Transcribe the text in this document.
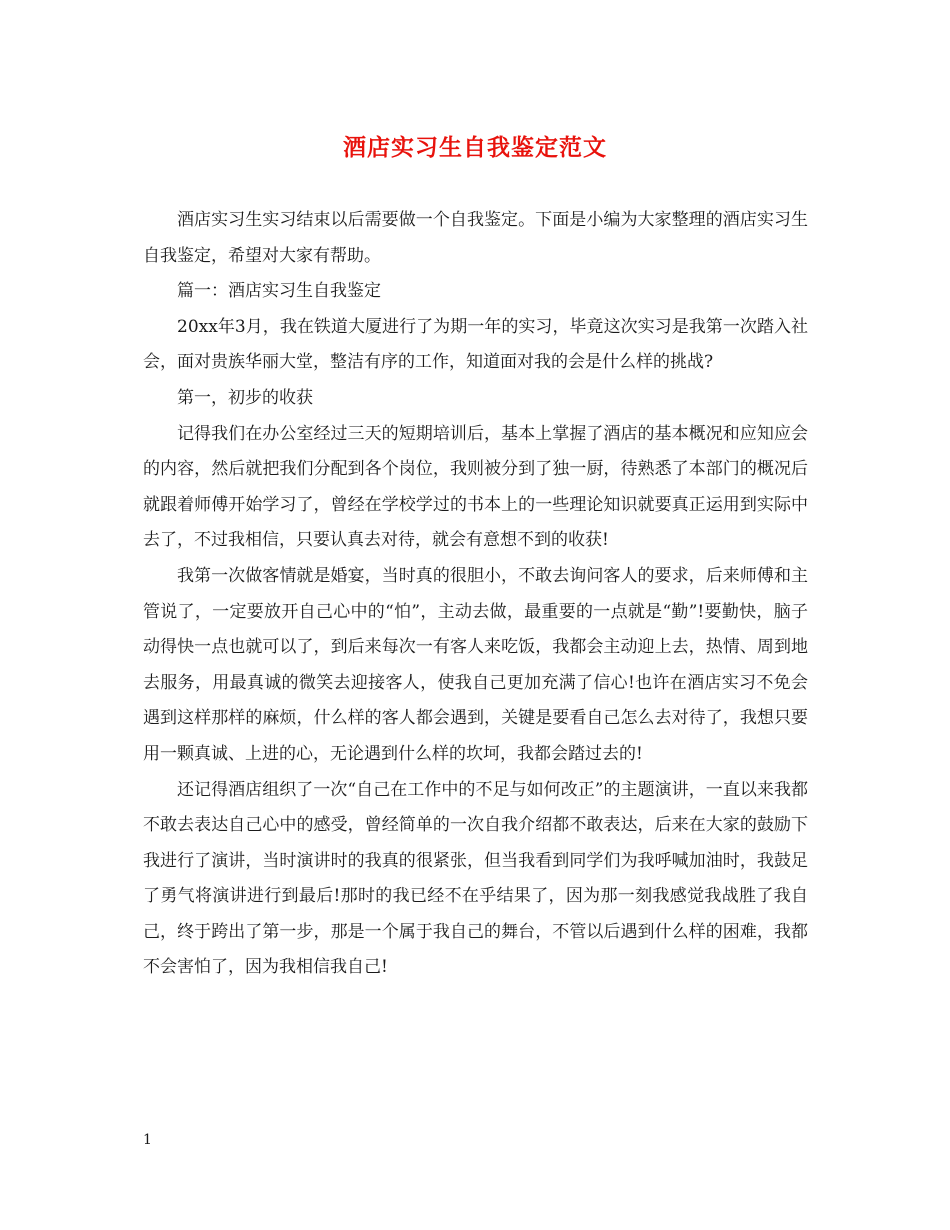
酒店实习生自我鉴定范文

酒店实习生实习结束以后需要做一个自我鉴定。下面是小编为大家整理的酒店实习生自我鉴定，希望对大家有帮助。

篇一：酒店实习生自我鉴定

20xx年3月，我在铁道大厦进行了为期一年的实习，毕竟这次实习是我第一次踏入社会，面对贵族华丽大堂，整洁有序的工作，知道面对我的会是什么样的挑战?

第一，初步的收获

记得我们在办公室经过三天的短期培训后，基本上掌握了酒店的基本概况和应知应会的内容，然后就把我们分配到各个岗位，我则被分到了独一厨，待熟悉了本部门的概况后就跟着师傅开始学习了，曾经在学校学过的书本上的一些理论知识就要真正运用到实际中去了，不过我相信，只要认真去对待，就会有意想不到的收获!

我第一次做客情就是婚宴，当时真的很胆小，不敢去询问客人的要求，后来师傅和主管说了，一定要放开自己心中的“怕”，主动去做，最重要的一点就是“勤”!要勤快，脑子动得快一点也就可以了，到后来每次一有客人来吃饭，我都会主动迎上去，热情、周到地去服务，用最真诚的微笑去迎接客人，使我自己更加充满了信心!也许在酒店实习不免会遇到这样那样的麻烦，什么样的客人都会遇到，关键是要看自己怎么去对待了，我想只要用一颗真诚、上进的心，无论遇到什么样的坎坷，我都会踏过去的!

还记得酒店组织了一次“自己在工作中的不足与如何改正”的主题演讲，一直以来我都不敢去表达自己心中的感受，曾经简单的一次自我介绍都不敢表达，后来在大家的鼓励下我进行了演讲，当时演讲时的我真的很紧张，但当我看到同学们为我呼喊加油时，我鼓足了勇气将演讲进行到最后!那时的我已经不在乎结果了，因为那一刻我感觉我战胜了我自己，终于跨出了第一步，那是一个属于我自己的舞台，不管以后遇到什么样的困难，我都不会害怕了，因为我相信我自己!

1
